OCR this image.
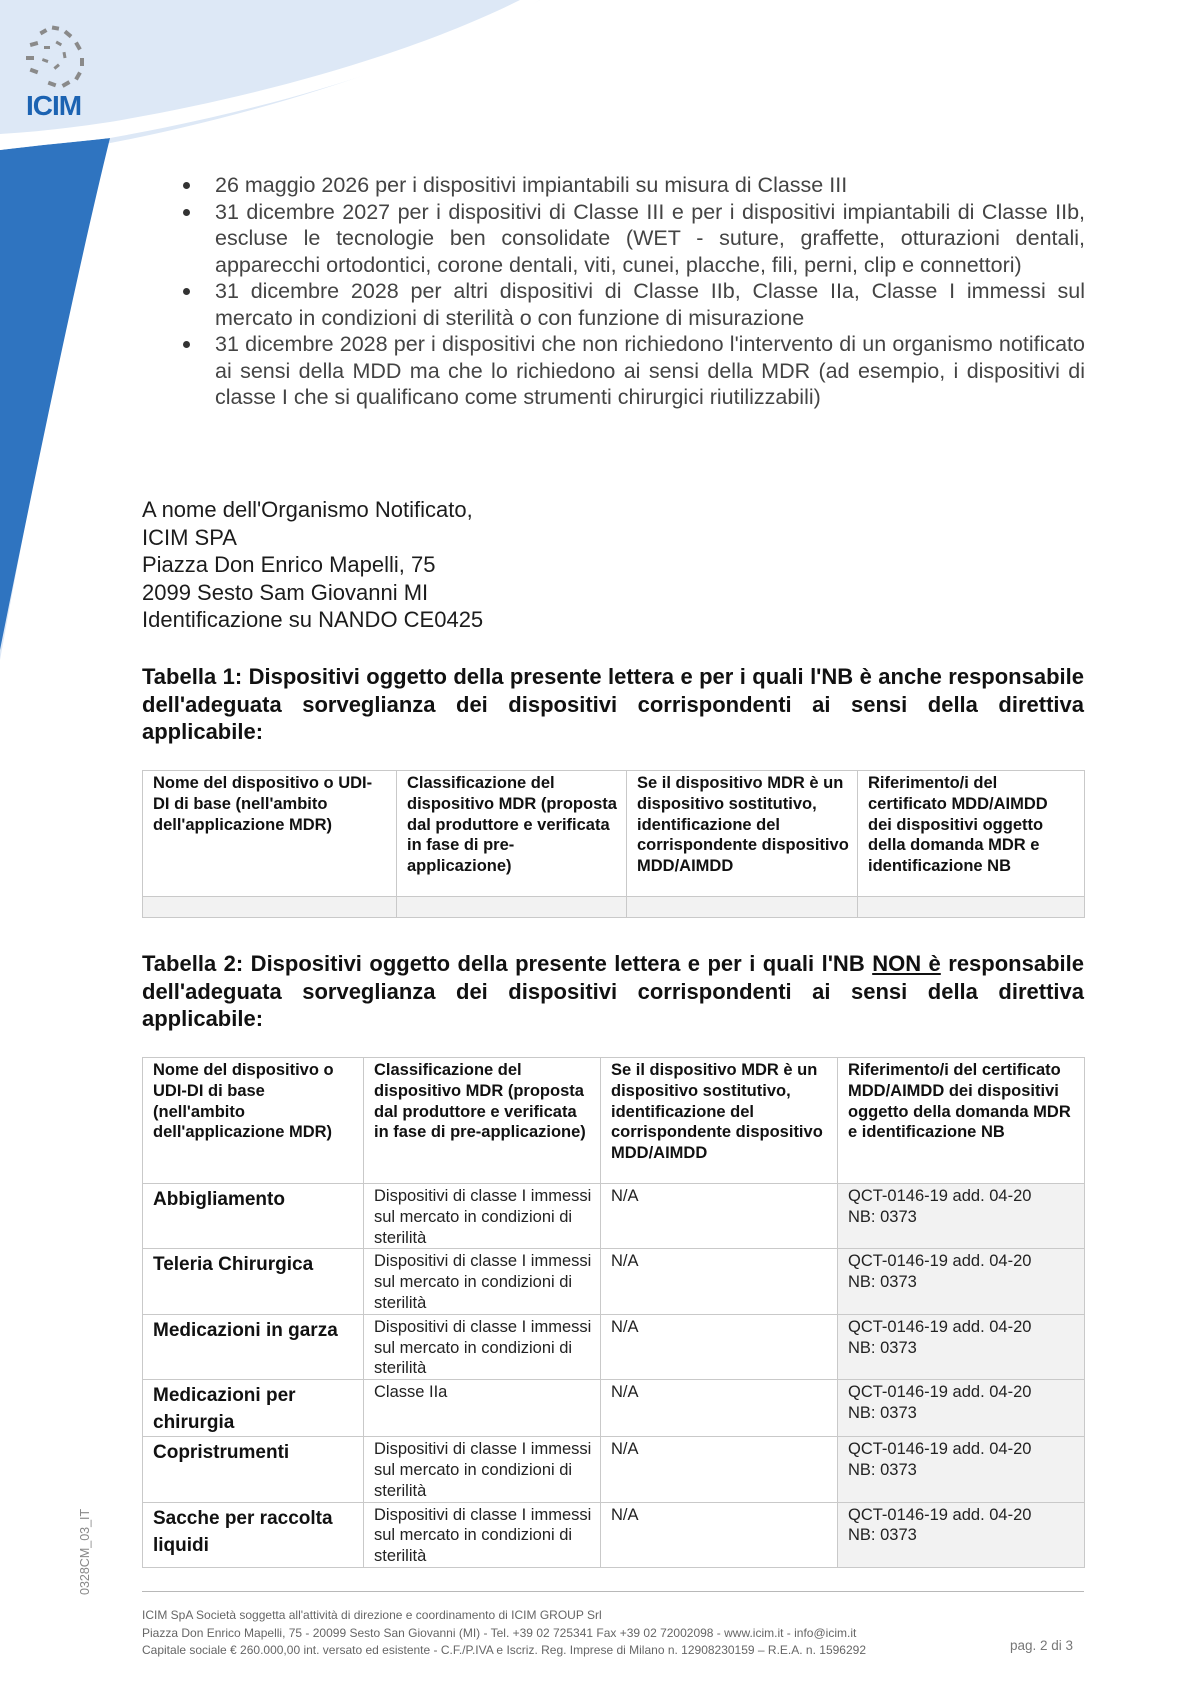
ICIM
26 maggio 2026 per i dispositivi impiantabili su misura di Classe III
31 dicembre 2027 per i dispositivi di Classe III e per i dispositivi impiantabili di Classe IIb, escluse le tecnologie ben consolidate (WET - suture, graffette, otturazioni dentali, apparecchi ortodontici, corone dentali, viti, cunei, placche, fili, perni, clip e connettori)
31 dicembre 2028 per altri dispositivi di Classe IIb, Classe IIa, Classe I immessi sul mercato in condizioni di sterilità o con funzione di misurazione
31 dicembre 2028 per i dispositivi che non richiedono l'intervento di un organismo notificato ai sensi della MDD ma che lo richiedono ai sensi della MDR (ad esempio, i dispositivi di classe I che si qualificano come strumenti chirurgici riutilizzabili)
A nome dell'Organismo Notificato,
ICIM SPA
Piazza Don Enrico Mapelli, 75
2099 Sesto Sam Giovanni MI
Identificazione su NANDO CE0425
Tabella 1: Dispositivi oggetto della presente lettera e per i quali l'NB è anche responsabile dell'adeguata sorveglianza dei dispositivi corrispondenti ai sensi della direttiva applicabile:
Nome del dispositivo o UDI-DI di base (nell'ambito dell'applicazione MDR)	Classificazione del dispositivo MDR (proposta dal produttore e verificata in fase di pre-applicazione)	Se il dispositivo MDR è un dispositivo sostitutivo, identificazione del corrispondente dispositivo MDD/AIMDD	Riferimento/i del certificato MDD/AIMDD dei dispositivi oggetto della domanda MDR e identificazione NB

Tabella 2: Dispositivi oggetto della presente lettera e per i quali l'NB NON è responsabile dell'adeguata sorveglianza dei dispositivi corrispondenti ai sensi della direttiva applicabile:
Nome del dispositivo o UDI-DI di base (nell'ambito dell'applicazione MDR)	Classificazione del dispositivo MDR (proposta dal produttore e verificata in fase di pre-applicazione)	Se il dispositivo MDR è un dispositivo sostitutivo, identificazione del corrispondente dispositivo MDD/AIMDD	Riferimento/i del certificato MDD/AIMDD dei dispositivi oggetto della domanda MDR e identificazione NB
Abbigliamento	Dispositivi di classe I immessi sul mercato in condizioni di sterilità	N/A	QCT-0146-19 add. 04-20
NB: 0373

Teleria Chirurgica	Dispositivi di classe I immessi sul mercato in condizioni di sterilità	N/A	QCT-0146-19 add. 04-20
NB: 0373

Medicazioni in garza	Dispositivi di classe I immessi sul mercato in condizioni di sterilità	N/A	QCT-0146-19 add. 04-20
NB: 0373

Medicazioni per chirurgia	Classe IIa	N/A	QCT-0146-19 add. 04-20
NB: 0373

Copristrumenti	Dispositivi di classe I immessi sul mercato in condizioni di sterilità	N/A	QCT-0146-19 add. 04-20
NB: 0373

Sacche per raccolta liquidi	Dispositivi di classe I immessi sul mercato in condizioni di sterilità	N/A	QCT-0146-19 add. 04-20
NB: 0373
0328CM_03_IT
ICIM SpA Società soggetta all'attività di direzione e coordinamento di ICIM GROUP Srl
Piazza Don Enrico Mapelli, 75 - 20099 Sesto San Giovanni (MI) - Tel. +39 02 725341 Fax +39 02 72002098 - www.icim.it - info@icim.it
Capitale sociale € 260.000,00 int. versato ed esistente - C.F./P.IVA e Iscriz. Reg. Imprese di Milano n. 12908230159 – R.E.A. n. 1596292	pag. 2 di 3
